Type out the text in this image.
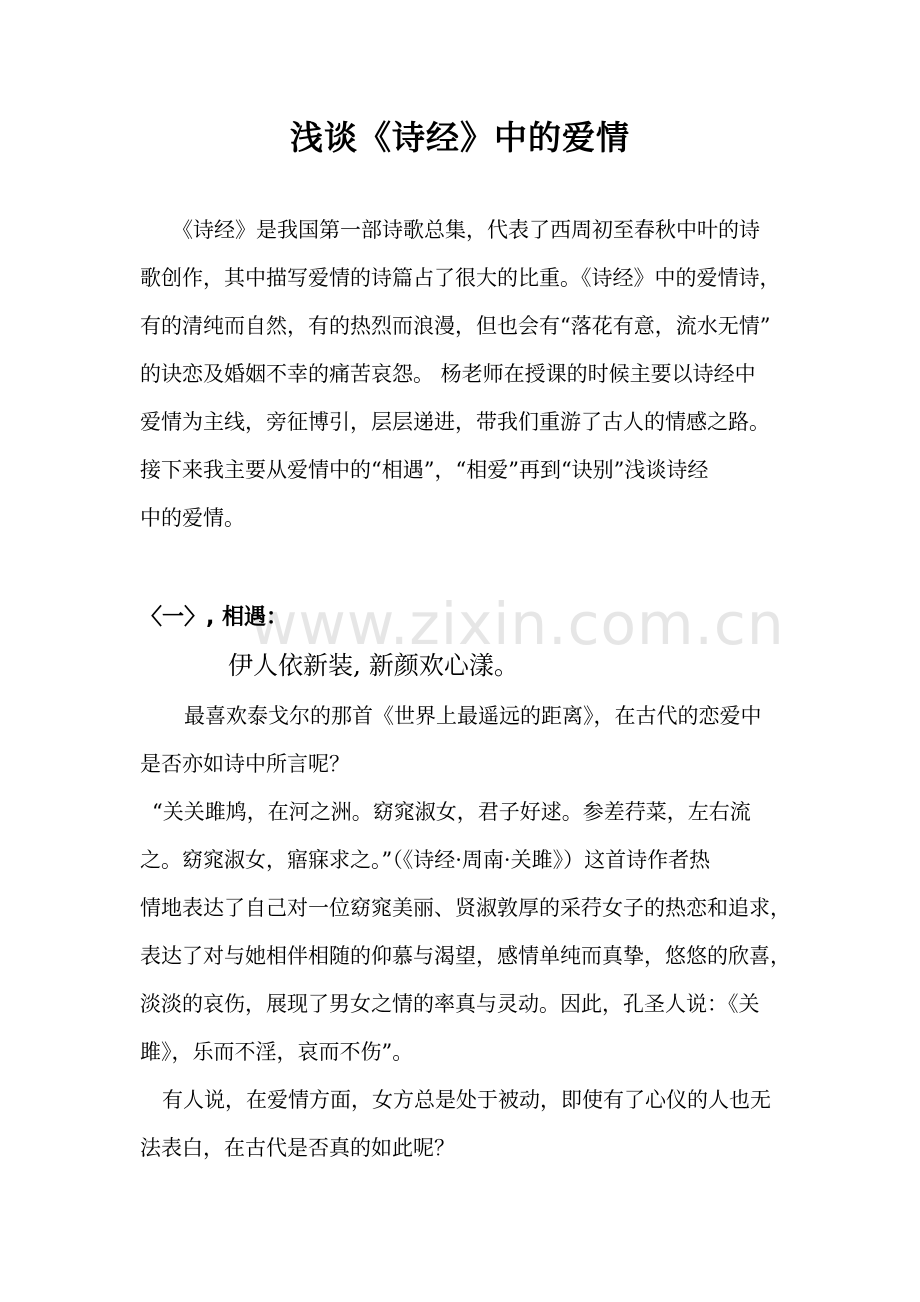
www.zixin.com.cn
浅谈《诗经》中的爱情
《诗经》是我国第一部诗歌总集，代表了西周初至春秋中叶的诗
歌创作，其中描写爱情的诗篇占了很大的比重。《诗经》中的爱情诗，
有的清纯而自然，有的热烈而浪漫，但也会有“落花有意，流水无情”
的诀恋及婚姻不幸的痛苦哀怨。 杨老师在授课的时候主要以诗经中
爱情为主线，旁征博引，层层递进，带我们重游了古人的情感之路。
接下来我主要从爱情中的“相遇”，“相爱”再到“诀别”浅谈诗经
中的爱情。
〈一〉, 相遇：
伊人依新装, 新颜欢心漾。
最喜欢泰戈尔的那首《世界上最遥远的距离》，在古代的恋爱中
是否亦如诗中所言呢？
“关关雎鸠，在河之洲。窈窕淑女，君子好逑。参差荇菜，左右流
之。窈窕淑女，寤寐求之。”（《诗经·周南·关雎》）这首诗作者热
情地表达了自己对一位窈窕美丽、贤淑敦厚的采荇女子的热恋和追求，
表达了对与她相伴相随的仰慕与渴望，感情单纯而真挚，悠悠的欣喜，
淡淡的哀伤，展现了男女之情的率真与灵动。因此，孔圣人说：《关
雎》，乐而不淫，哀而不伤”。
有人说，在爱情方面，女方总是处于被动，即使有了心仪的人也无
法表白，在古代是否真的如此呢？
